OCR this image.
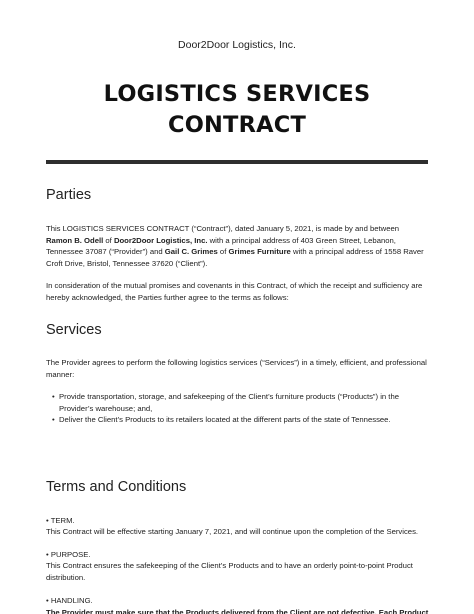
Door2Door Logistics, Inc.
LOGISTICS SERVICES
CONTRACT
Parties
This LOGISTICS SERVICES CONTRACT (“Contract”), dated January 5, 2021, is made by and between
Ramon B. Odell of Door2Door Logistics, Inc. with a principal address of 403 Green Street, Lebanon, Tennessee 37087 (“Provider”) and Gail C. Grimes of Grimes Furniture with a principal address of 1558 Raver Croft Drive, Bristol, Tennessee 37620 (“Client”).
In consideration of the mutual promises and covenants in this Contract, of which the receipt and sufficiency are hereby acknowledged, the Parties further agree to the terms as follows:
Services
The Provider agrees to perform the following logistics services (“Services”) in a timely, efficient, and professional manner:
• Provide transportation, storage, and safekeeping of the Client’s furniture products (“Products”) in the Provider’s warehouse; and,
• Deliver the Client’s Products to its retailers located at the different parts of the state of Tennessee.
Terms and Conditions
• TERM.
This Contract will be effective starting January 7, 2021, and will continue upon the completion of the Services.
• PURPOSE.
This Contract ensures the safekeeping of the Client’s Products and to have an orderly point-to-point Product distribution.
• HANDLING.
The Provider must make sure that the Products delivered from the Client are not defective. Each Product
